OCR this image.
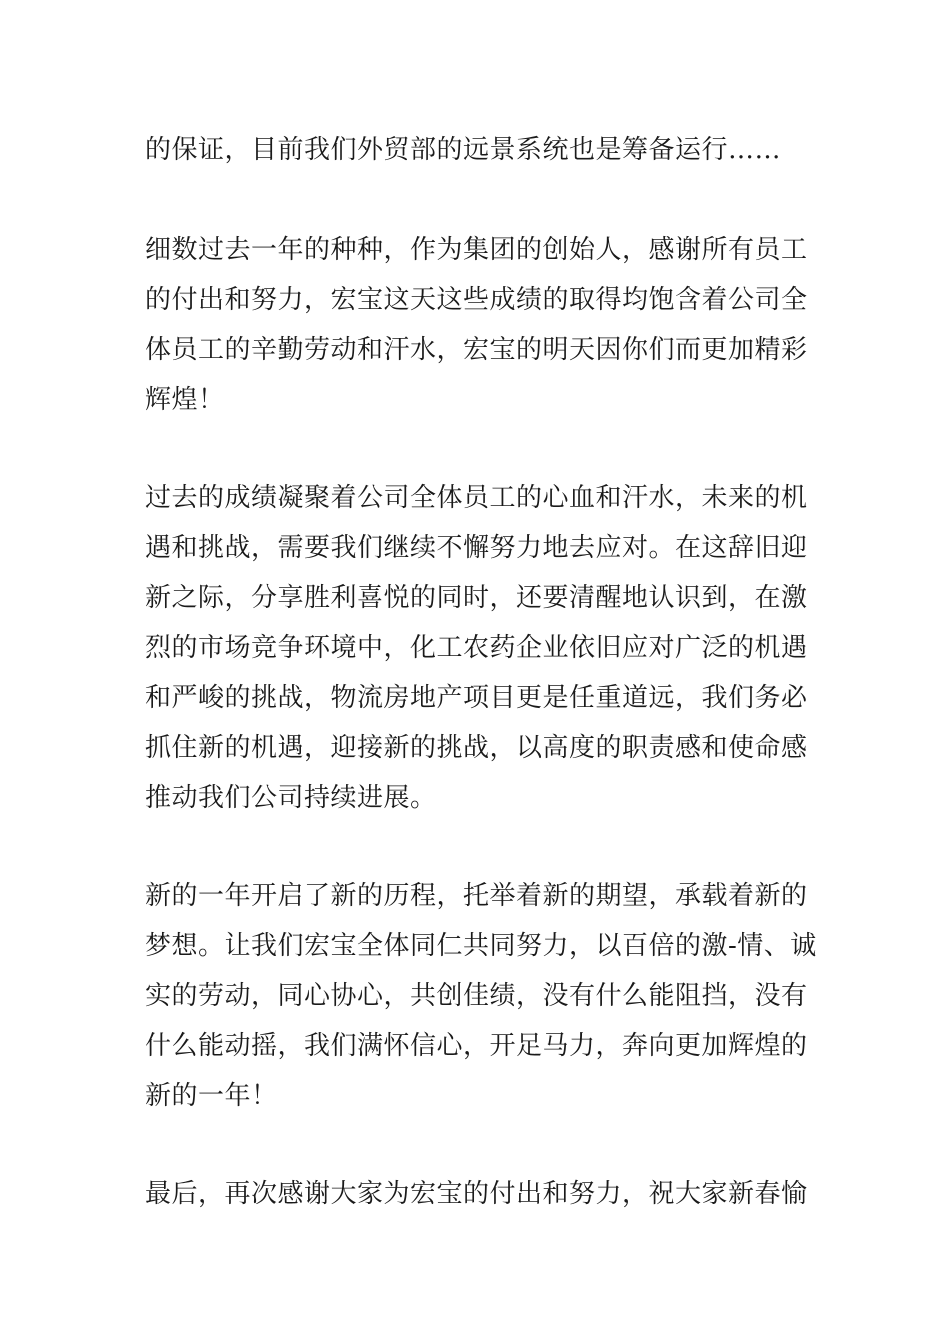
的保证，目前我们外贸部的远景系统也是筹备运行……
细数过去一年的种种，作为集团的创始人，感谢所有员工
的付出和努力，宏宝这天这些成绩的取得均饱含着公司全
体员工的辛勤劳动和汗水，宏宝的明天因你们而更加精彩
辉煌！
过去的成绩凝聚着公司全体员工的心血和汗水，未来的机
遇和挑战，需要我们继续不懈努力地去应对。在这辞旧迎
新之际，分享胜利喜悦的同时，还要清醒地认识到，在激
烈的市场竞争环境中，化工农药企业依旧应对广泛的机遇
和严峻的挑战，物流房地产项目更是任重道远，我们务必
抓住新的机遇，迎接新的挑战，以高度的职责感和使命感
推动我们公司持续进展。
新的一年开启了新的历程，托举着新的期望，承载着新的
梦想。让我们宏宝全体同仁共同努力，以百倍的激-情、诚
实的劳动，同心协心，共创佳绩，没有什么能阻挡，没有
什么能动摇，我们满怀信心，开足马力，奔向更加辉煌的
新的一年！
最后，再次感谢大家为宏宝的付出和努力，祝大家新春愉
